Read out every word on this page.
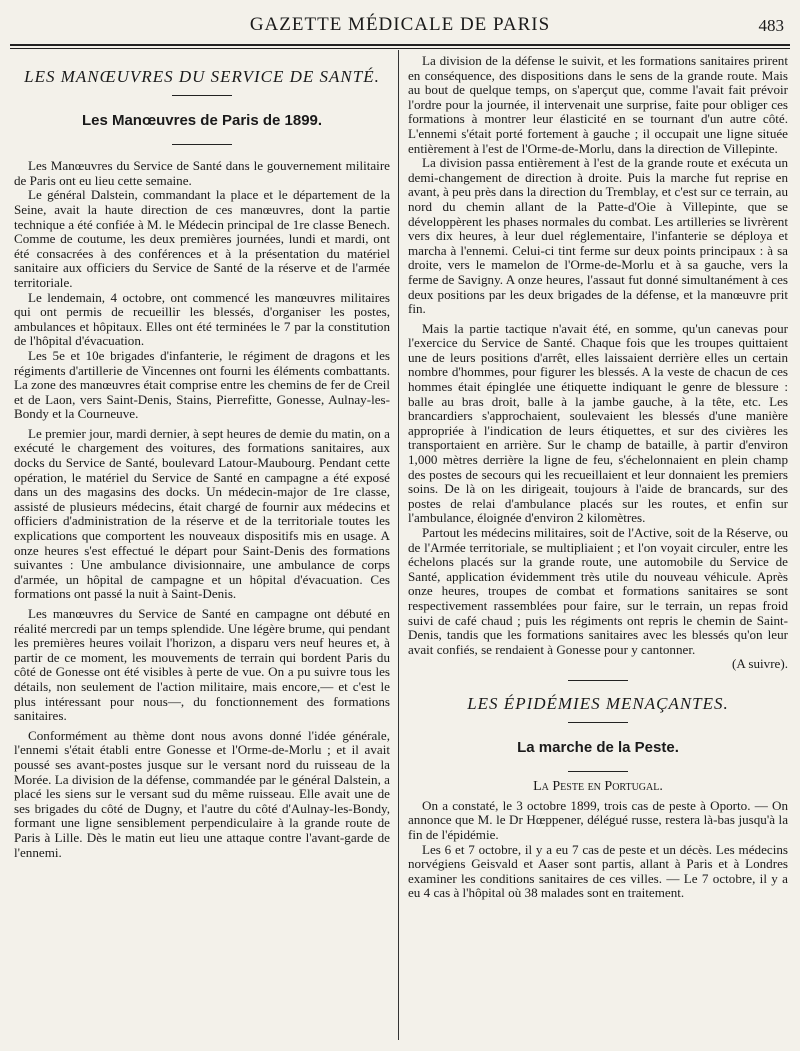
GAZETTE MÉDICALE DE PARIS	483
LES MANŒUVRES DU SERVICE DE SANTÉ.
Les Manœuvres de Paris de 1899.

Les Manœuvres du Service de Santé dans le gouvernement militaire de Paris ont eu lieu cette semaine.

Le général Dalstein, commandant la place et le département de la Seine, avait la haute direction de ces manœuvres, dont la partie technique a été confiée à M. le Médecin principal de 1re classe Benech. Comme de coutume, les deux premières journées, lundi et mardi, ont été consacrées à des conférences et à la présentation du matériel sanitaire aux officiers du Service de Santé de la réserve et de l'armée territoriale.

Le lendemain, 4 octobre, ont commencé les manœuvres militaires qui ont permis de recueillir les blessés, d'organiser les postes, ambulances et hôpitaux. Elles ont été terminées le 7 par la constitution de l'hôpital d'évacuation.

Les 5e et 10e brigades d'infanterie, le régiment de dragons et les régiments d'artillerie de Vincennes ont fourni les éléments combattants. La zone des manœuvres était comprise entre les chemins de fer de Creil et de Laon, vers Saint-Denis, Stains, Pierrefitte, Gonesse, Aulnay-les-Bondy et la Courneuve.

Le premier jour, mardi dernier, à sept heures de demie du matin, on a exécuté le chargement des voitures, des formations sanitaires, aux docks du Service de Santé, boulevard Latour-Maubourg. Pendant cette opération, le matériel du Service de Santé en campagne a été exposé dans un des magasins des docks. Un médecin-major de 1re classe, assisté de plusieurs médecins, était chargé de fournir aux médecins et officiers d'administration de la réserve et de la territoriale toutes les explications que comportent les nouveaux dispositifs mis en usage. A onze heures s'est effectué le départ pour Saint-Denis des formations suivantes : Une ambulance divisionnaire, une ambulance de corps d'armée, un hôpital de campagne et un hôpital d'évacuation. Ces formations ont passé la nuit à Saint-Denis.

Les manœuvres du Service de Santé en campagne ont débuté en réalité mercredi par un temps splendide. Une légère brume, qui pendant les premières heures voilait l'horizon, a disparu vers neuf heures et, à partir de ce moment, les mouvements de terrain qui bordent Paris du côté de Gonesse ont été visibles à perte de vue. On a pu suivre tous les détails, non seulement de l'action militaire, mais encore,— et c'est le plus intéressant pour nous—, du fonctionnement des formations sanitaires.

Conformément au thème dont nous avons donné l'idée générale, l'ennemi s'était établi entre Gonesse et l'Orme-de-Morlu ; et il avait poussé ses avant-postes jusque sur le versant nord du ruisseau de la Morée. La division de la défense, commandée par le général Dalstein, a placé les siens sur le versant sud du même ruisseau. Elle avait une de ses brigades du côté de Dugny, et l'autre du côté d'Aulnay-les-Bondy, formant une ligne sensiblement perpendiculaire à la grande route de Paris à Lille. Dès le matin eut lieu une attaque contre l'avant-garde de l'ennemi.

La division de la défense le suivit, et les formations sanitaires prirent en conséquence, des dispositions dans le sens de la grande route. Mais au bout de quelque temps, on s'aperçut que, comme l'avait fait prévoir l'ordre pour la journée, il intervenait une surprise, faite pour obliger ces formations à montrer leur élasticité en se tournant d'un autre côté. L'ennemi s'était porté fortement à gauche ; il occupait une ligne située entièrement à l'est de l'Orme-de-Morlu, dans la direction de Villepinte.

La division passa entièrement à l'est de la grande route et exécuta un demi-changement de direction à droite. Puis la marche fut reprise en avant, à peu près dans la direction du Tremblay, et c'est sur ce terrain, au nord du chemin allant de la Patte-d'Oie à Villepinte, que se développèrent les phases normales du combat. Les artilleries se livrèrent vers dix heures, à leur duel réglementaire, l'infanterie se déploya et marcha à l'ennemi. Celui-ci tint ferme sur deux points principaux : à sa droite, vers le mamelon de l'Orme-de-Morlu et à sa gauche, vers la ferme de Savigny. A onze heures, l'assaut fut donné simultanément à ces deux positions par les deux brigades de la défense, et la manœuvre prit fin.

Mais la partie tactique n'avait été, en somme, qu'un canevas pour l'exercice du Service de Santé. Chaque fois que les troupes quittaient une de leurs positions d'arrêt, elles laissaient derrière elles un certain nombre d'hommes, pour figurer les blessés. A la veste de chacun de ces hommes était épinglée une étiquette indiquant le genre de blessure : balle au bras droit, balle à la jambe gauche, à la tête, etc. Les brancardiers s'approchaient, soulevaient les blessés d'une manière appropriée à l'indication de leurs étiquettes, et sur des civières les transportaient en arrière. Sur le champ de bataille, à partir d'environ 1,000 mètres derrière la ligne de feu, s'échelonnaient en plein champ des postes de secours qui les recueillaient et leur donnaient les premiers soins. De là on les dirigeait, toujours à l'aide de brancards, sur des postes de relai d'ambulance placés sur les routes, et enfin sur l'ambulance, éloignée d'environ 2 kilomètres.

Partout les médecins militaires, soit de l'Active, soit de la Réserve, ou de l'Armée territoriale, se multipliaient ; et l'on voyait circuler, entre les échelons placés sur la grande route, une automobile du Service de Santé, application évidemment très utile du nouveau véhicule. Après onze heures, troupes de combat et formations sanitaires se sont respectivement rassemblées pour faire, sur le terrain, un repas froid suivi de café chaud ; puis les régiments ont repris le chemin de Saint-Denis, tandis que les formations sanitaires avec les blessés qu'on leur avait confiés, se rendaient à Gonesse pour y cantonner.

(A suivre).
LES ÉPIDÉMIES MENAÇANTES.
La marche de la Peste.
La Peste en Portugal.

On a constaté, le 3 octobre 1899, trois cas de peste à Oporto. — On annonce que M. le Dr Hœppener, délégué russe, restera là-bas jusqu'à la fin de l'épidémie.

Les 6 et 7 octobre, il y a eu 7 cas de peste et un décès. Les médecins norvégiens Geisvald et Aaser sont partis, allant à Paris et à Londres examiner les conditions sanitaires de ces villes. — Le 7 octobre, il y a eu 4 cas à l'hôpital où 38 malades sont en traitement.
